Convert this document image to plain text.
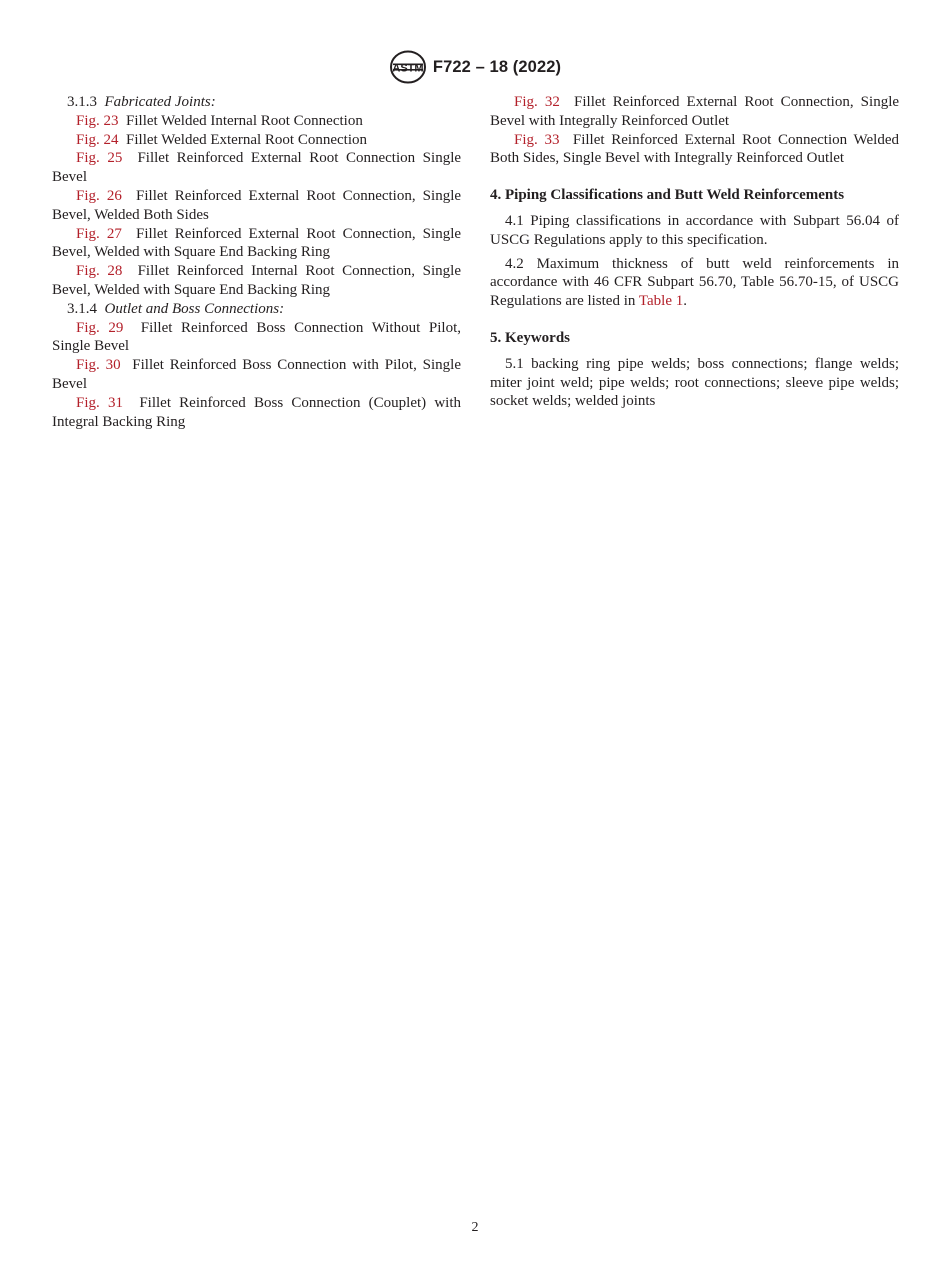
ASTM F722 – 18 (2022)

3.1.3 Fabricated Joints:

Fig. 23 Fillet Welded Internal Root Connection

Fig. 24 Fillet Welded External Root Connection

Fig. 25 Fillet Reinforced External Root Connection Single Bevel

Fig. 26 Fillet Reinforced External Root Connection, Single Bevel, Welded Both Sides

Fig. 27 Fillet Reinforced External Root Connection, Single Bevel, Welded with Square End Backing Ring

Fig. 28 Fillet Reinforced Internal Root Connection, Single Bevel, Welded with Square End Backing Ring

3.1.4 Outlet and Boss Connections:

Fig. 29 Fillet Reinforced Boss Connection Without Pilot, Single Bevel

Fig. 30 Fillet Reinforced Boss Connection with Pilot, Single Bevel

Fig. 31 Fillet Reinforced Boss Connection (Couplet) with Integral Backing Ring

Fig. 32 Fillet Reinforced External Root Connection, Single Bevel with Integrally Reinforced Outlet

Fig. 33 Fillet Reinforced External Root Connection Welded Both Sides, Single Bevel with Integrally Reinforced Outlet

4. Piping Classifications and Butt Weld Reinforcements

4.1 Piping classifications in accordance with Subpart 56.04 of USCG Regulations apply to this specification.

4.2 Maximum thickness of butt weld reinforcements in accordance with 46 CFR Subpart 56.70, Table 56.70-15, of USCG Regulations are listed in Table 1.

5. Keywords

5.1 backing ring pipe welds; boss connections; flange welds; miter joint weld; pipe welds; root connections; sleeve pipe welds; socket welds; welded joints

2
